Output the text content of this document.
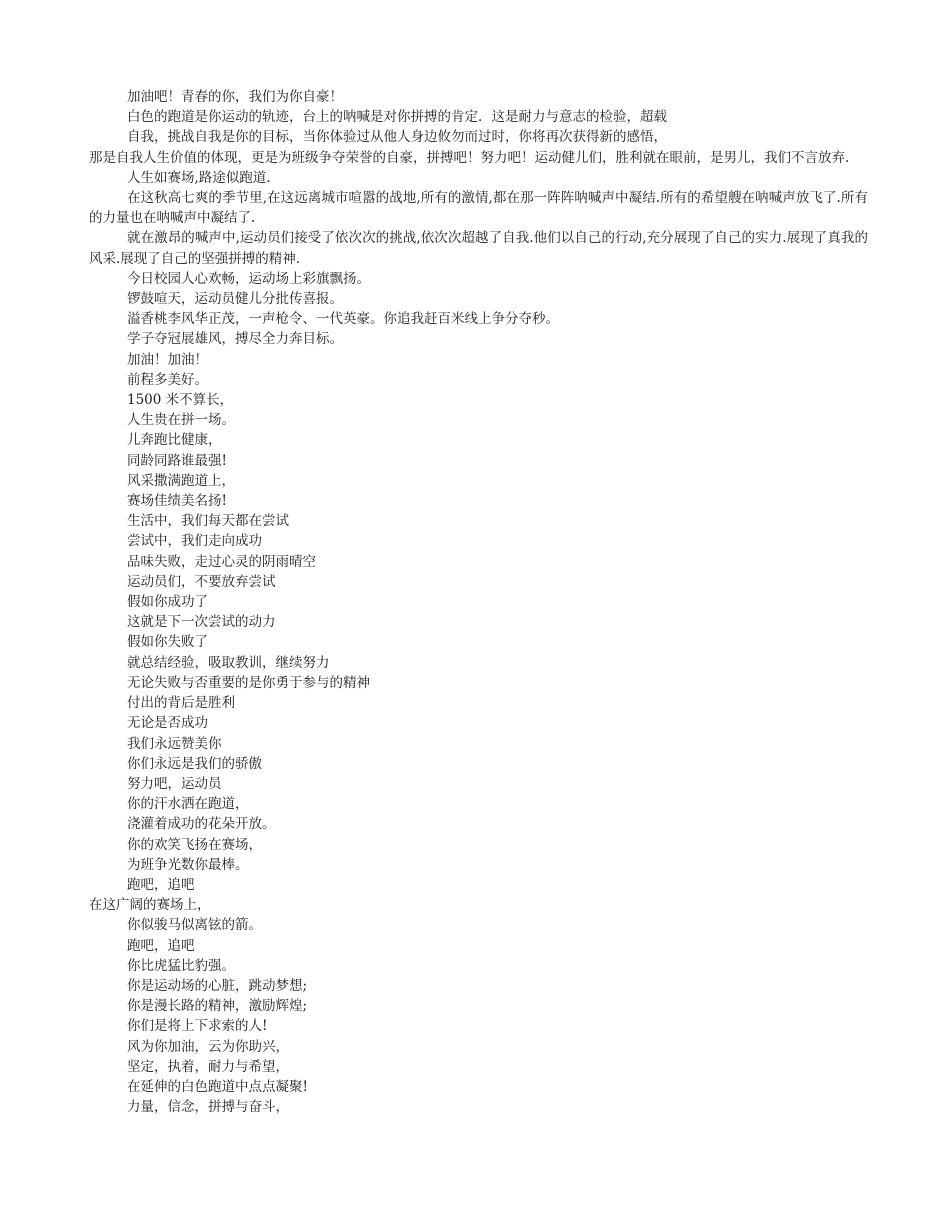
加油吧！青春的你，我们为你自豪！

白色的跑道是你运动的轨迹，台上的呐喊是对你拼搏的肯定．这是耐力与意志的检验，超载

自我，挑战自我是你的目标，当你体验过从他人身边攸勿而过时，你将再次获得新的感悟，

那是自我人生价值的体现，更是为班级争夺荣誉的自豪，拼搏吧！努力吧！运动健儿们，胜利就在眼前，是男儿，我们不言放弃.

人生如赛场,路途似跑道.

在这秋高七爽的季节里,在这远离城市喧嚣的战地,所有的激情,都在那一阵阵呐喊声中凝结.所有的希望艘在呐喊声放飞了.所有的力量也在呐喊声中凝结了.

就在激昂的喊声中,运动员们接受了依次次的挑战,依次次超越了自我.他们以自己的行动,充分展现了自己的实力.展现了真我的风采.展现了自己的坚强拼搏的精神.

今日校园人心欢畅，运动场上彩旗飘扬。

锣鼓喧天，运动员健儿分批传喜报。

溢香桃李风华正茂，一声枪令、一代英豪。你追我赶百米线上争分夺秒。

学子夺冠展雄风，搏尽全力奔目标。

加油！加油！

前程多美好。

1500 米不算长，

人生贵在拼一场。

儿奔跑比健康，

同龄同路谁最强!

风采撒满跑道上，

赛场佳绩美名扬!

生活中，我们每天都在尝试

尝试中，我们走向成功

品味失败，走过心灵的阴雨晴空

运动员们，不要放弃尝试

假如你成功了

这就是下一次尝试的动力

假如你失败了

就总结经验，吸取教训，继续努力

无论失败与否重要的是你勇于参与的精神

付出的背后是胜利

无论是否成功

我们永远赞美你

你们永远是我们的骄傲

努力吧，运动员

你的汗水洒在跑道，

浇灌着成功的花朵开放。

你的欢笑飞扬在赛场，

为班争光数你最棒。

跑吧，追吧

在这广阔的赛场上，

你似骏马似离铉的箭。

跑吧，追吧

你比虎猛比豹强。

你是运动场的心脏，跳动梦想;

你是漫长路的精神，激励辉煌;

你们是将上下求索的人!

风为你加油，云为你助兴，

坚定，执着，耐力与希望，

在延伸的白色跑道中点点凝聚!

力量，信念，拼搏与奋斗，
